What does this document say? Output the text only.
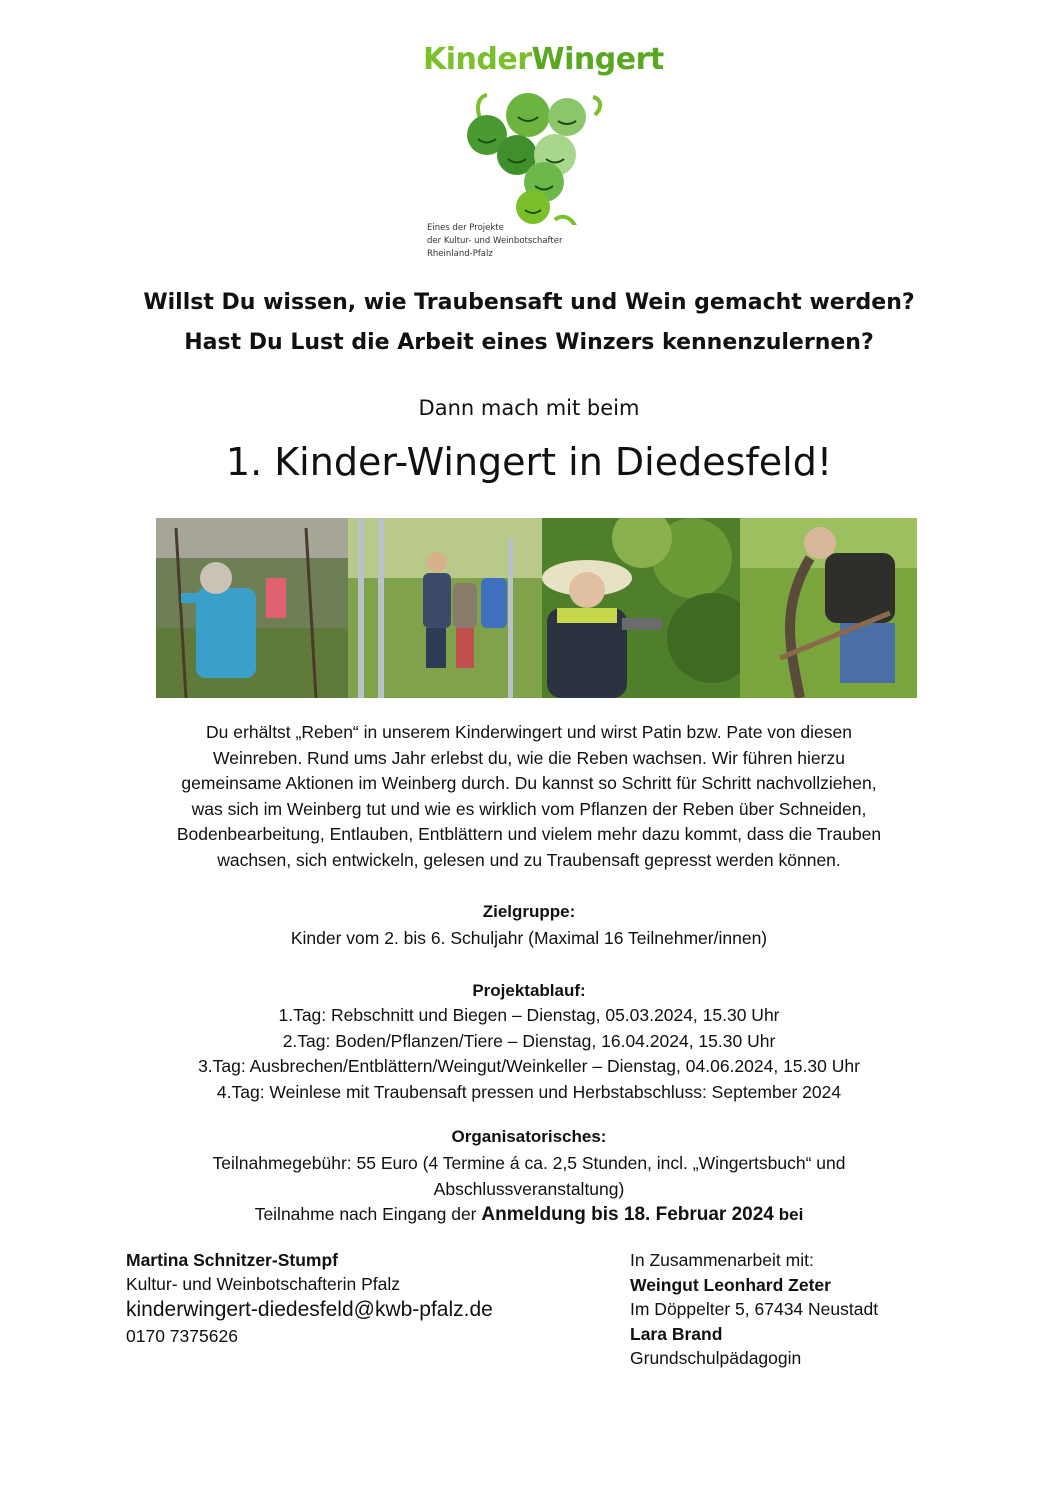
KinderWingert
Eines der Projekte
der Kultur- und Weinbotschafter
Rheinland-Pfalz
Willst Du wissen, wie Traubensaft und Wein gemacht werden?
Hast Du Lust die Arbeit eines Winzers kennenzulernen?
Dann mach mit beim
1. Kinder-Wingert in Diedesfeld!
Du erhältst „Reben“ in unserem Kinderwingert und wirst Patin bzw. Pate von diesen
Weinreben. Rund ums Jahr erlebst du, wie die Reben wachsen. Wir führen hierzu
gemeinsame Aktionen im Weinberg durch. Du kannst so Schritt für Schritt nachvollziehen,
was sich im Weinberg tut und wie es wirklich vom Pflanzen der Reben über Schneiden,
Bodenbearbeitung, Entlauben, Entblättern und vielem mehr dazu kommt, dass die Trauben
wachsen, sich entwickeln, gelesen und zu Traubensaft gepresst werden können.
Zielgruppe:
Kinder vom 2. bis 6. Schuljahr (Maximal 16 Teilnehmer/innen)
Projektablauf:
1.Tag: Rebschnitt und Biegen – Dienstag, 05.03.2024, 15.30 Uhr
2.Tag: Boden/Pflanzen/Tiere – Dienstag, 16.04.2024, 15.30 Uhr
3.Tag: Ausbrechen/Entblättern/Weingut/Weinkeller – Dienstag, 04.06.2024, 15.30 Uhr
4.Tag: Weinlese mit Traubensaft pressen und Herbstabschluss: September 2024
Organisatorisches:
Teilnahmegebühr: 55 Euro (4 Termine á ca. 2,5 Stunden, incl. „Wingertsbuch“ und
Abschlussveranstaltung)
Teilnahme nach Eingang der Anmeldung bis 18. Februar 2024 bei
Martina Schnitzer-Stumpf
Kultur- und Weinbotschafterin Pfalz
kinderwingert-diedesfeld@kwb-pfalz.de
0170 7375626
In Zusammenarbeit mit:
Weingut Leonhard Zeter
Im Döppelter 5, 67434 Neustadt
Lara Brand
Grundschulpädagogin
